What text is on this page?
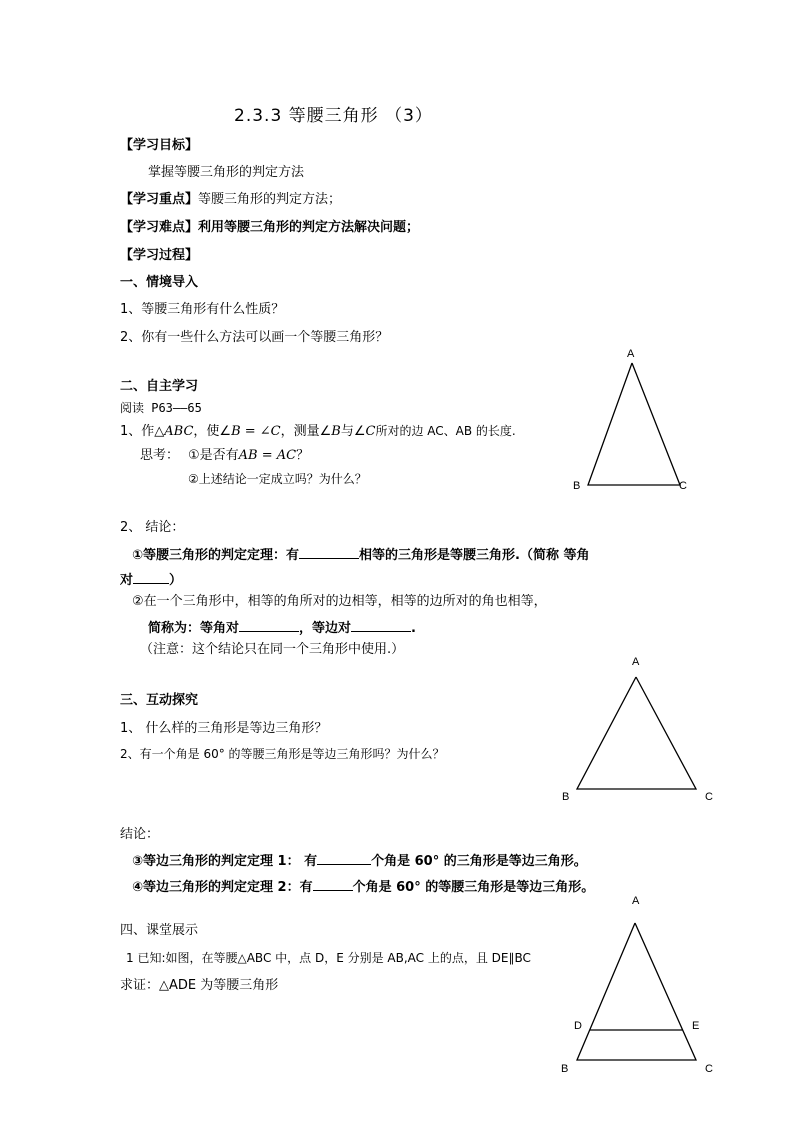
2.3.3 等腰三角形 （3）
【学习目标】
掌握等腰三角形的判定方法
【学习重点】等腰三角形的判定方法；
【学习难点】利用等腰三角形的判定方法解决问题；
【学习过程】
一、情境导入
1、等腰三角形有什么性质？
2、你有一些什么方法可以画一个等腰三角形？
A
B	C
二、自主学习
阅读 P63——65
1、作△ABC，使∠B = ∠C，测量∠B与∠C所对的边 AC、AB 的长度.
思考： ①是否有AB = AC？
②上述结论一定成立吗？为什么？
2、 结论：
①等腰三角形的判定定理：有	相等的三角形是等腰三角形.（简称 等角
对	）
②在一个三角形中，相等的角所对的边相等，相等的边所对的角也相等，
简称为：等角对	，等边对	.
（注意：这个结论只在同一个三角形中使用.）
A
B	C
三、互动探究
1、 什么样的三角形是等边三角形？
2、有一个角是 60° 的等腰三角形是等边三角形吗？为什么？
结论：
③等边三角形的判定定理 1： 有	个角是 60° 的三角形是等边三角形。
④等边三角形的判定定理 2：有	个角是 60° 的等腰三角形是等边三角形。
四、课堂展示
1 已知:如图，在等腰△ABC 中，点 D，E 分别是 AB,AC 上的点，且 DE∥BC
求证：△ADE 为等腰三角形
A
D	E
B	C
